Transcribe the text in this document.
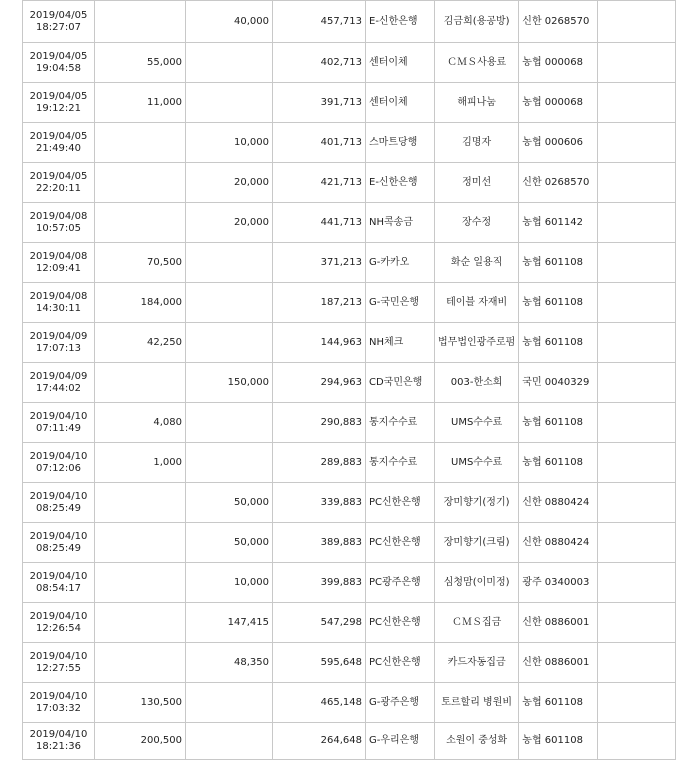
2019/04/05
18:27:07		40,000	457,713	E-신한은행	김금희(용공방)	신한 0268570	

2019/04/05
19:04:58	55,000		402,713	센터이체	ＣＭＳ사용료	농협 000068	

2019/04/05
19:12:21	11,000		391,713	센터이체	해피나눔	농협 000068	

2019/04/05
21:49:40		10,000	401,713	스마트당행	김명자	농협 000606	

2019/04/05
22:20:11		20,000	421,713	E-신한은행	정미선	신한 0268570	

2019/04/08
10:57:05		20,000	441,713	NH콕송금	장수정	농협 601142	

2019/04/08
12:09:41	70,500		371,213	G-카카오	화순 일용직	농협 601108	

2019/04/08
14:30:11	184,000		187,213	G-국민은행	테이블 자재비	농협 601108	

2019/04/09
17:07:13	42,250		144,963	NH체크	법무법인광주로펌	농협 601108	

2019/04/09
17:44:02		150,000	294,963	CD국민은행	003-한소희	국민 0040329	

2019/04/10
07:11:49	4,080		290,883	통지수수료	UMS수수료	농협 601108	

2019/04/10
07:12:06	1,000		289,883	통지수수료	UMS수수료	농협 601108	

2019/04/10
08:25:49		50,000	339,883	PC신한은행	장미향기(정기)	신한 0880424	

2019/04/10
08:25:49		50,000	389,883	PC신한은행	장미향기(크림)	신한 0880424	

2019/04/10
08:54:17		10,000	399,883	PC광주은행	심청맘(이미정)	광주 0340003	

2019/04/10
12:26:54		147,415	547,298	PC신한은행	ＣＭＳ집금	신한 0886001	

2019/04/10
12:27:55		48,350	595,648	PC신한은행	카드자동집금	신한 0886001	

2019/04/10
17:03:32	130,500		465,148	G-광주은행	토르할리 병원비	농협 601108	

2019/04/10
18:21:36	200,500		264,648	G-우리은행	소원이 중성화	농협 601108	
